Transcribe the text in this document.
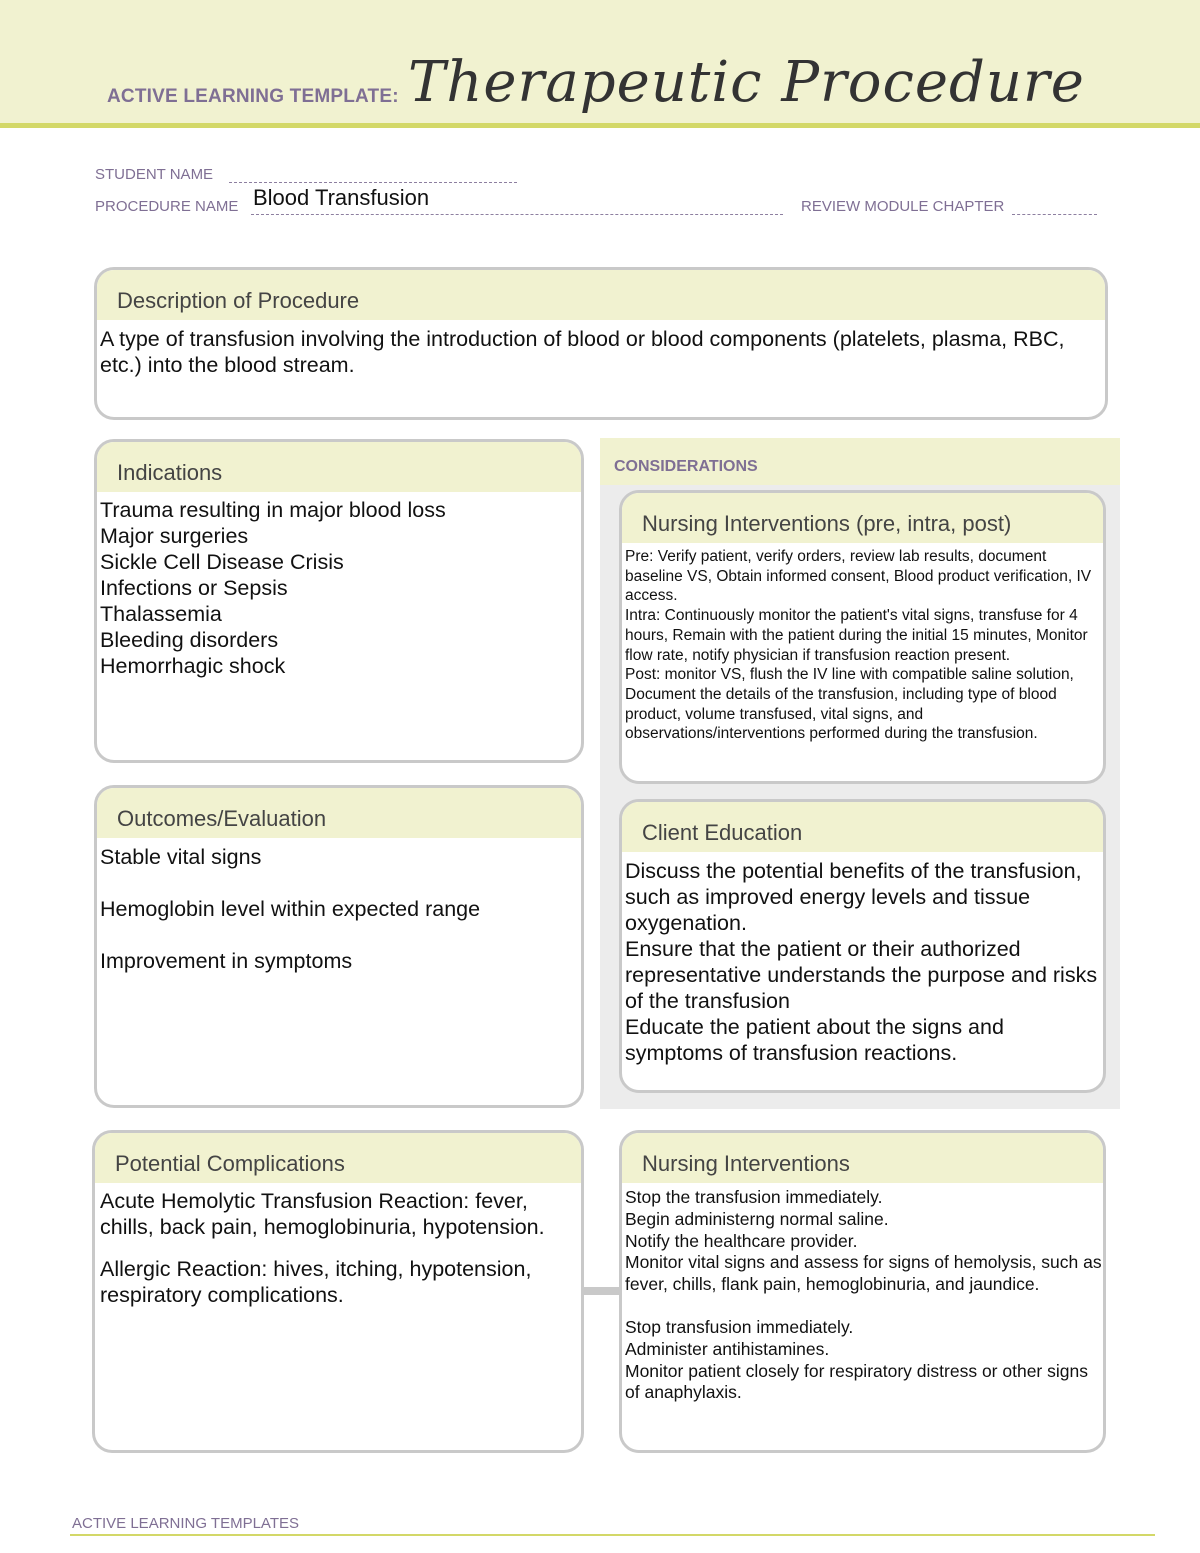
ACTIVE LEARNING TEMPLATE: Therapeutic Procedure
STUDENT NAME
PROCEDURE NAME Blood Transfusion	REVIEW MODULE CHAPTER
Description of Procedure
A type of transfusion involving the introduction of blood or blood components (platelets, plasma, RBC, etc.) into the blood stream.
Indications
Trauma resulting in major blood loss
Major surgeries
Sickle Cell Disease Crisis
Infections or Sepsis
Thalassemia
Bleeding disorders
Hemorrhagic shock
Outcomes/Evaluation
Stable vital signs
Hemoglobin level within expected range
Improvement in symptoms
CONSIDERATIONS
Nursing Interventions (pre, intra, post)
Pre: Verify patient, verify orders, review lab results, document baseline VS, Obtain informed consent, Blood product verification, IV access.
Intra: Continuously monitor the patient's vital signs, transfuse for 4 hours, Remain with the patient during the initial 15 minutes, Monitor flow rate, notify physician if transfusion reaction present.
Post: monitor VS, flush the IV line with compatible saline solution, Document the details of the transfusion, including type of blood product, volume transfused, vital signs, and observations/interventions performed during the transfusion.
Client Education
Discuss the potential benefits of the transfusion, such as improved energy levels and tissue oxygenation.
Ensure that the patient or their authorized representative understands the purpose and risks of the transfusion
Educate the patient about the signs and symptoms of transfusion reactions.
Potential Complications
Acute Hemolytic Transfusion Reaction: fever, chills, back pain, hemoglobinuria, hypotension.
Allergic Reaction: hives, itching, hypotension, respiratory complications.
Nursing Interventions
Stop the transfusion immediately.
Begin administerng normal saline.
Notify the healthcare provider.
Monitor vital signs and assess for signs of hemolysis, such as fever, chills, flank pain, hemoglobinuria, and jaundice.
Stop transfusion immediately.
Administer antihistamines.
Monitor patient closely for respiratory distress or other signs of anaphylaxis.
ACTIVE LEARNING TEMPLATES
